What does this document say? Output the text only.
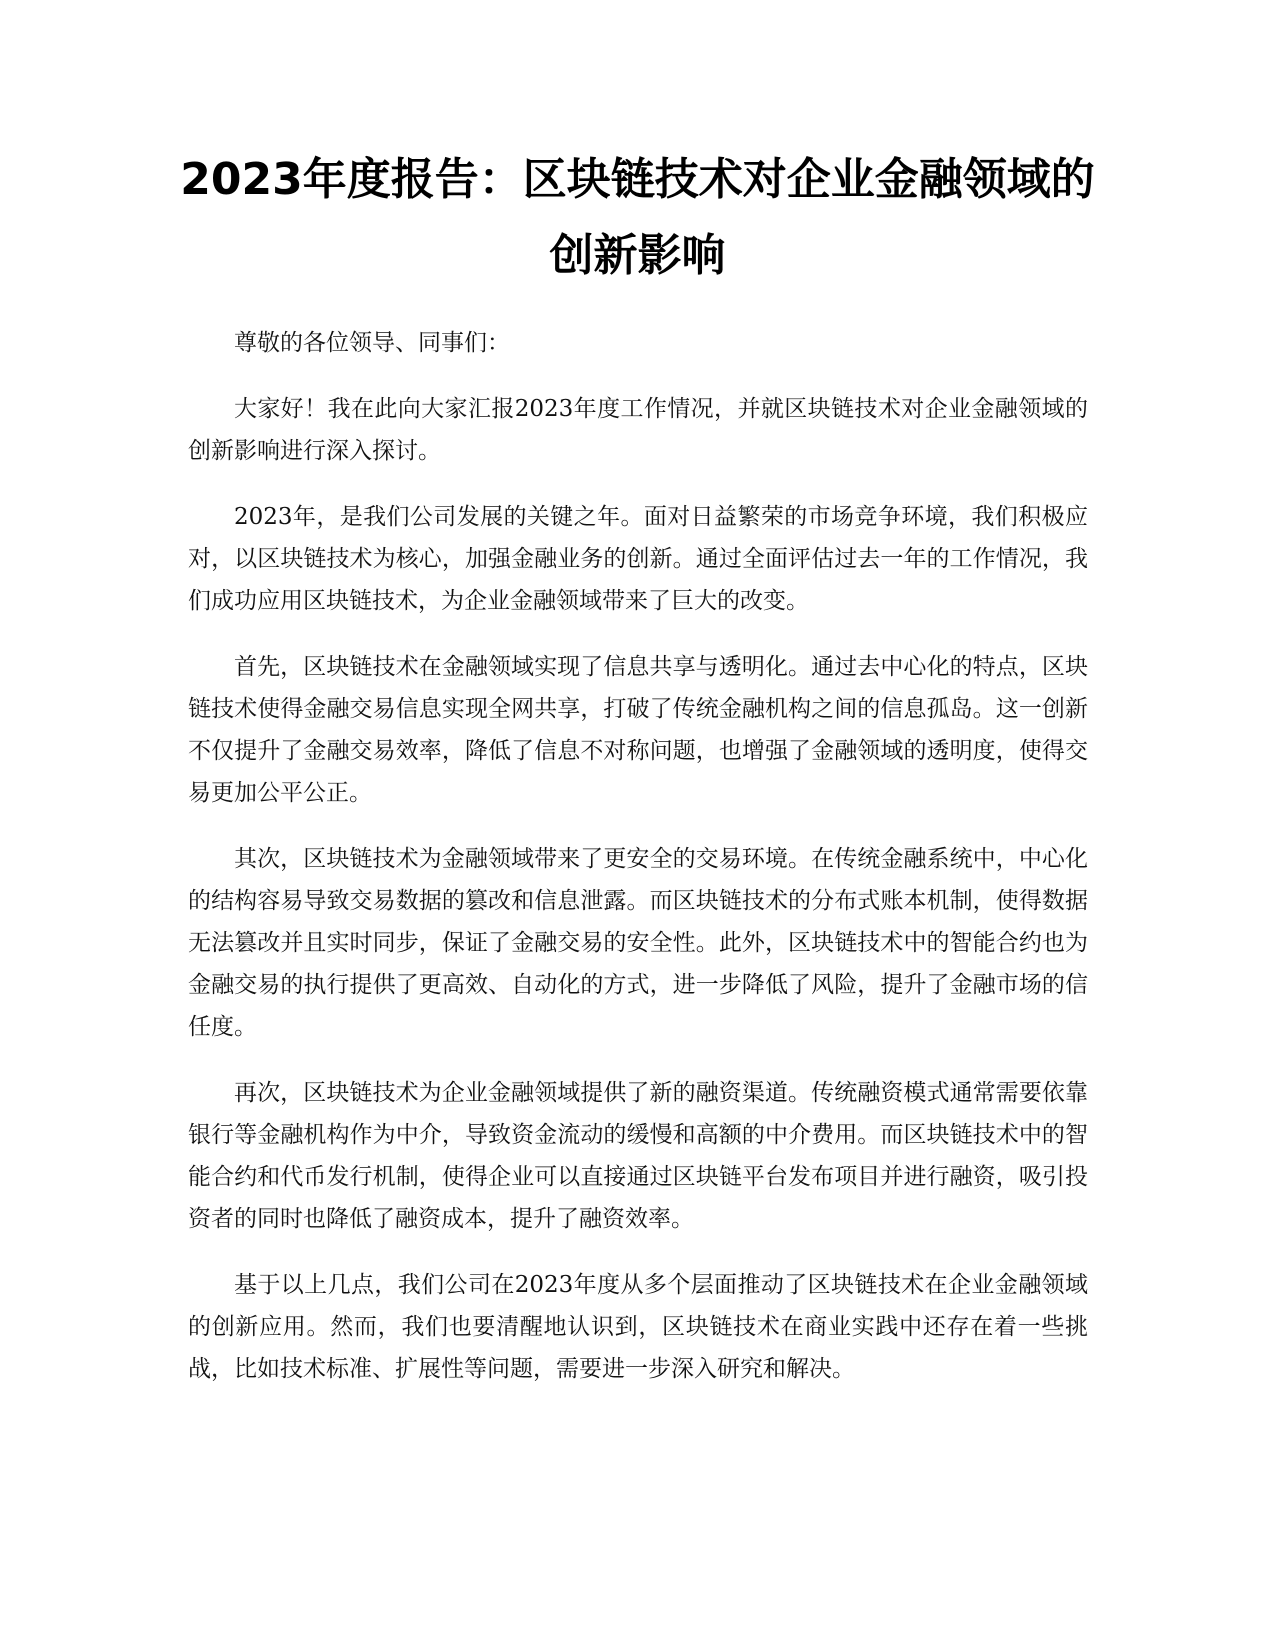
2023年度报告：区块链技术对企业金融领域的创新影响

尊敬的各位领导、同事们：

大家好！我在此向大家汇报2023年度工作情况，并就区块链技术对企业金融领域的创新影响进行深入探讨。

2023年，是我们公司发展的关键之年。面对日益繁荣的市场竞争环境，我们积极应对，以区块链技术为核心，加强金融业务的创新。通过全面评估过去一年的工作情况，我们成功应用区块链技术，为企业金融领域带来了巨大的改变。

首先，区块链技术在金融领域实现了信息共享与透明化。通过去中心化的特点，区块链技术使得金融交易信息实现全网共享，打破了传统金融机构之间的信息孤岛。这一创新不仅提升了金融交易效率，降低了信息不对称问题，也增强了金融领域的透明度，使得交易更加公平公正。

其次，区块链技术为金融领域带来了更安全的交易环境。在传统金融系统中，中心化的结构容易导致交易数据的篡改和信息泄露。而区块链技术的分布式账本机制，使得数据无法篡改并且实时同步，保证了金融交易的安全性。此外，区块链技术中的智能合约也为金融交易的执行提供了更高效、自动化的方式，进一步降低了风险，提升了金融市场的信任度。

再次，区块链技术为企业金融领域提供了新的融资渠道。传统融资模式通常需要依靠银行等金融机构作为中介，导致资金流动的缓慢和高额的中介费用。而区块链技术中的智能合约和代币发行机制，使得企业可以直接通过区块链平台发布项目并进行融资，吸引投资者的同时也降低了融资成本，提升了融资效率。

基于以上几点，我们公司在2023年度从多个层面推动了区块链技术在企业金融领域的创新应用。然而，我们也要清醒地认识到，区块链技术在商业实践中还存在着一些挑战，比如技术标准、扩展性等问题，需要进一步深入研究和解决。
